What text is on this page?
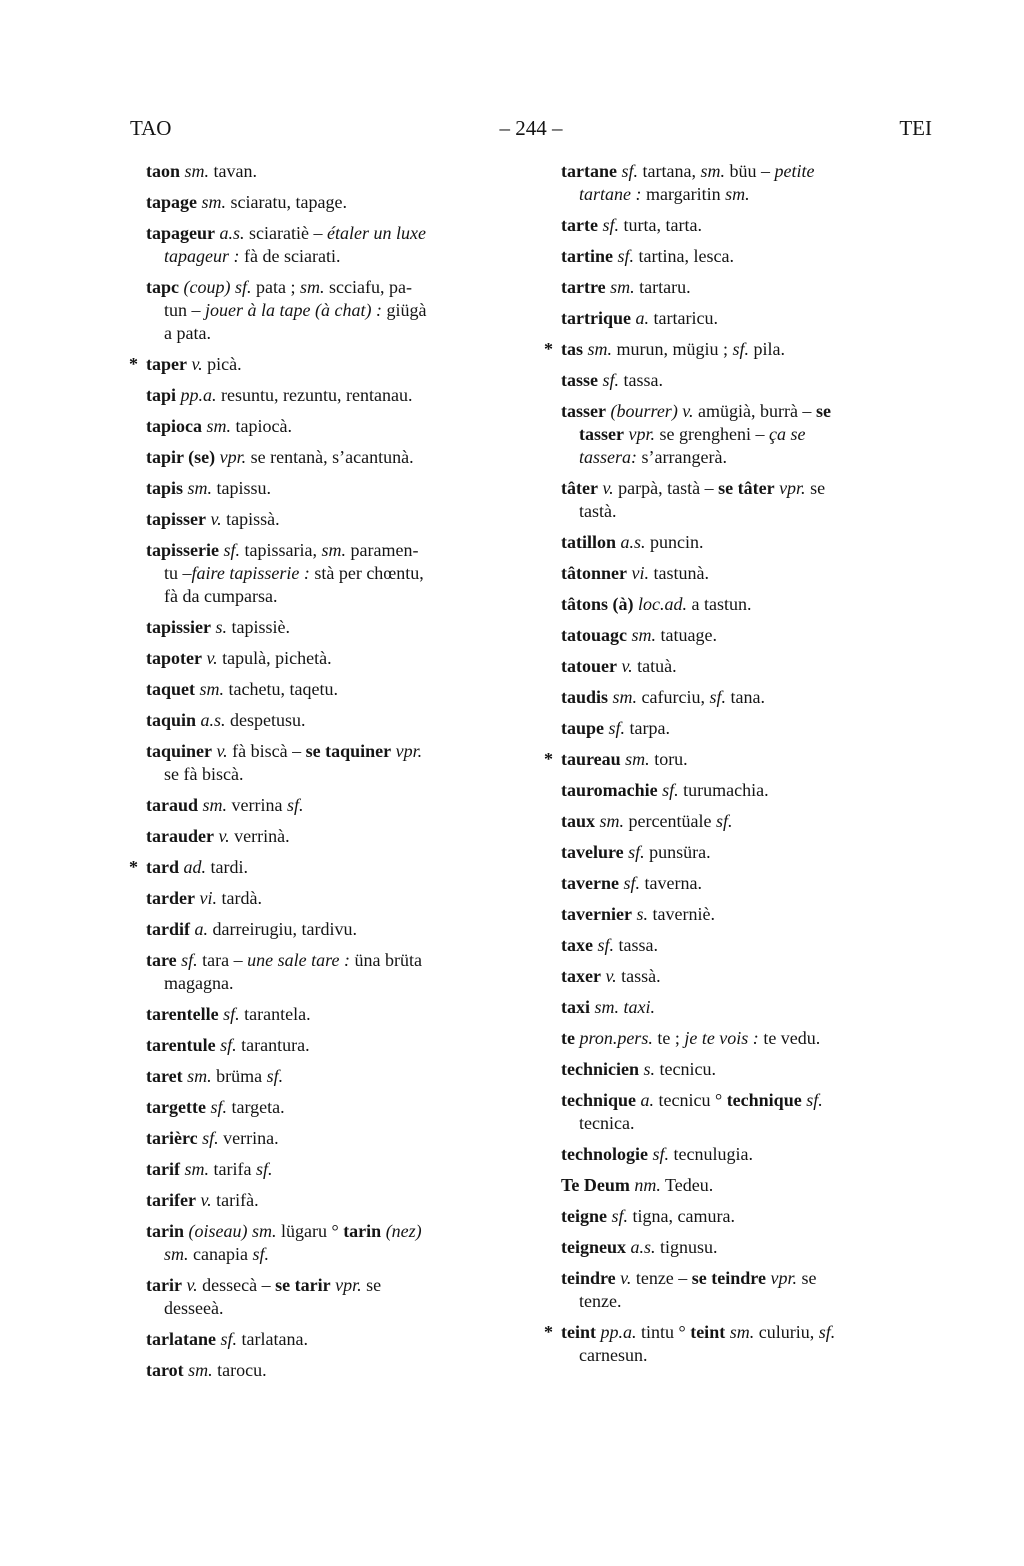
TAO	– 244 –	TEI
taon sm. tavan.
tapage sm. sciaratu, tapage.
tapageur a.s. sciaratiè – étaler un luxe
tapageur : fà de sciarati.
tapc (coup) sf. pata ; sm. scciafu, pa-
tun – jouer à la tape (à chat) : giügà
a pata.
* taper v. picà.
tapi pp.a. resuntu, rezuntu, rentanau.
tapioca sm. tapiocà.
tapir (se) vpr. se rentanà, s’acantunà.
tapis sm. tapissu.
tapisser v. tapissà.
tapisserie sf. tapissaria, sm. paramen-
tu –faire tapisserie : stà per chœntu,
fà da cumparsa.
tapissier s. tapissiè.
tapoter v. tapulà, pichetà.
taquet sm. tachetu, taqetu.
taquin a.s. despetusu.
taquiner v. fà biscà – se taquiner vpr.
se fà biscà.
taraud sm. verrina sf.
tarauder v. verrinà.
* tard ad. tardi.
tarder vi. tardà.
tardif a. darreirugiu, tardivu.
tare sf. tara – une sale tare : üna brüta
magagna.
tarentelle sf. tarantela.
tarentule sf. tarantura.
taret sm. brüma sf.
targette sf. targeta.
tarièrc sf. verrina.
tarif sm. tarifa sf.
tarifer v. tarifà.
tarin (oiseau) sm. lügaru ° tarin (nez)
sm. canapia sf.
tarir v. dessecà – se tarir vpr. se
desseeà.
tarlatane sf. tarlatana.
tarot sm. tarocu.
tartane sf. tartana, sm. büu – petite
tartane : margaritin sm.
tarte sf. turta, tarta.
tartine sf. tartina, lesca.
tartre sm. tartaru.
tartrique a. tartaricu.
* tas sm. murun, mügiu ; sf. pila.
tasse sf. tassa.
tasser (bourrer) v. amügià, burrà – se
tasser vpr. se grengheni – ça se
tassera: s’arrangerà.
tâter v. parpà, tastà – se tâter vpr. se
tastà.
tatillon a.s. puncin.
tâtonner vi. tastunà.
tâtons (à) loc.ad. a tastun.
tatouagc sm. tatuage.
tatouer v. tatuà.
taudis sm. cafurciu, sf. tana.
taupe sf. tarpa.
* taureau sm. toru.
tauromachie sf. turumachia.
taux sm. percentüale sf.
tavelure sf. punsüra.
taverne sf. taverna.
tavernier s. taverniè.
taxe sf. tassa.
taxer v. tassà.
taxi sm. taxi.
te pron.pers. te ; je te vois : te vedu.
technicien s. tecnicu.
technique a. tecnicu ° technique sf.
tecnica.
technologie sf. tecnulugia.
Te Deum nm. Tedeu.
teigne sf. tigna, camura.
teigneux a.s. tignusu.
teindre v. tenze – se teindre vpr. se
tenze.
* teint pp.a. tintu ° teint sm. culuriu, sf.
carnesun.
